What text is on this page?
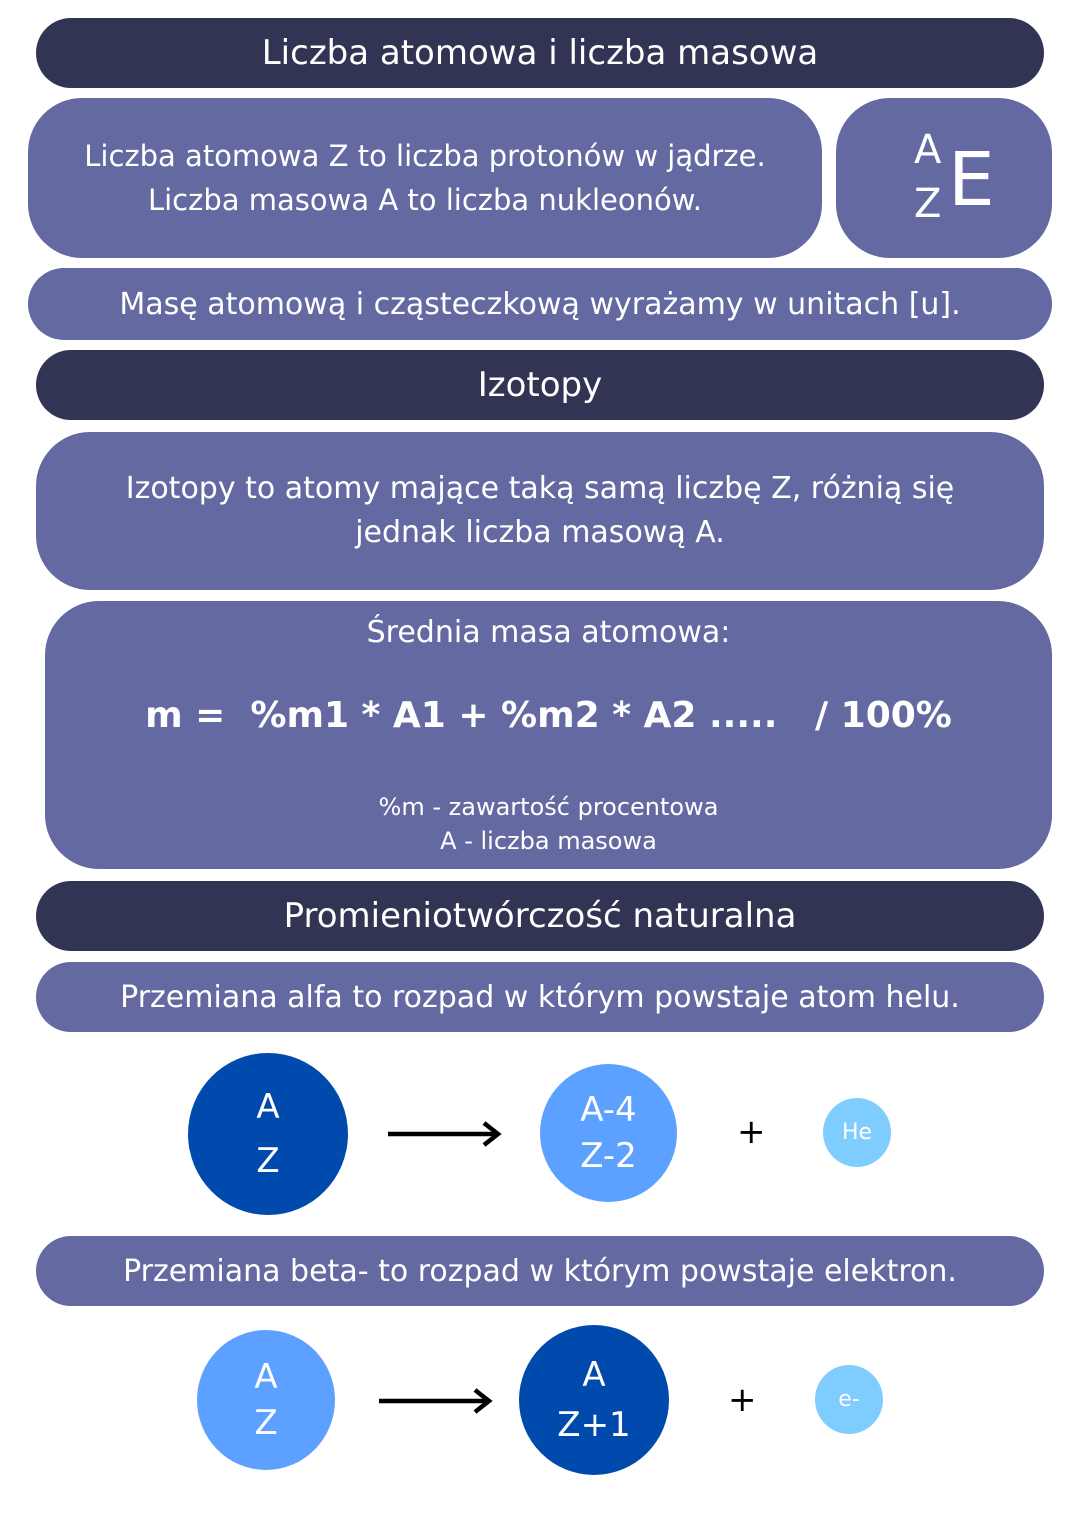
Liczba atomowa i liczba masowa
Liczba atomowa Z to liczba protonów w jądrze.
Liczba masowa A to liczba nukleonów.
A
Z E
Masę atomową i cząsteczkową wyrażamy w unitach [u].
Izotopy
Izotopy to atomy mające taką samą liczbę Z, różnią się
jednak liczba masową A.
Średnia masa atomowa:
m =  %m1 * A1 + %m2 * A2 .....   / 100%
%m - zawartość procentowa
A - liczba masowa
Promieniotwórczość naturalna
Przemiana alfa to rozpad w którym powstaje atom helu.
A
Z
A-4
Z-2
+	He
Przemiana beta- to rozpad w którym powstaje elektron.
A
Z
A
Z+1
+	e-
